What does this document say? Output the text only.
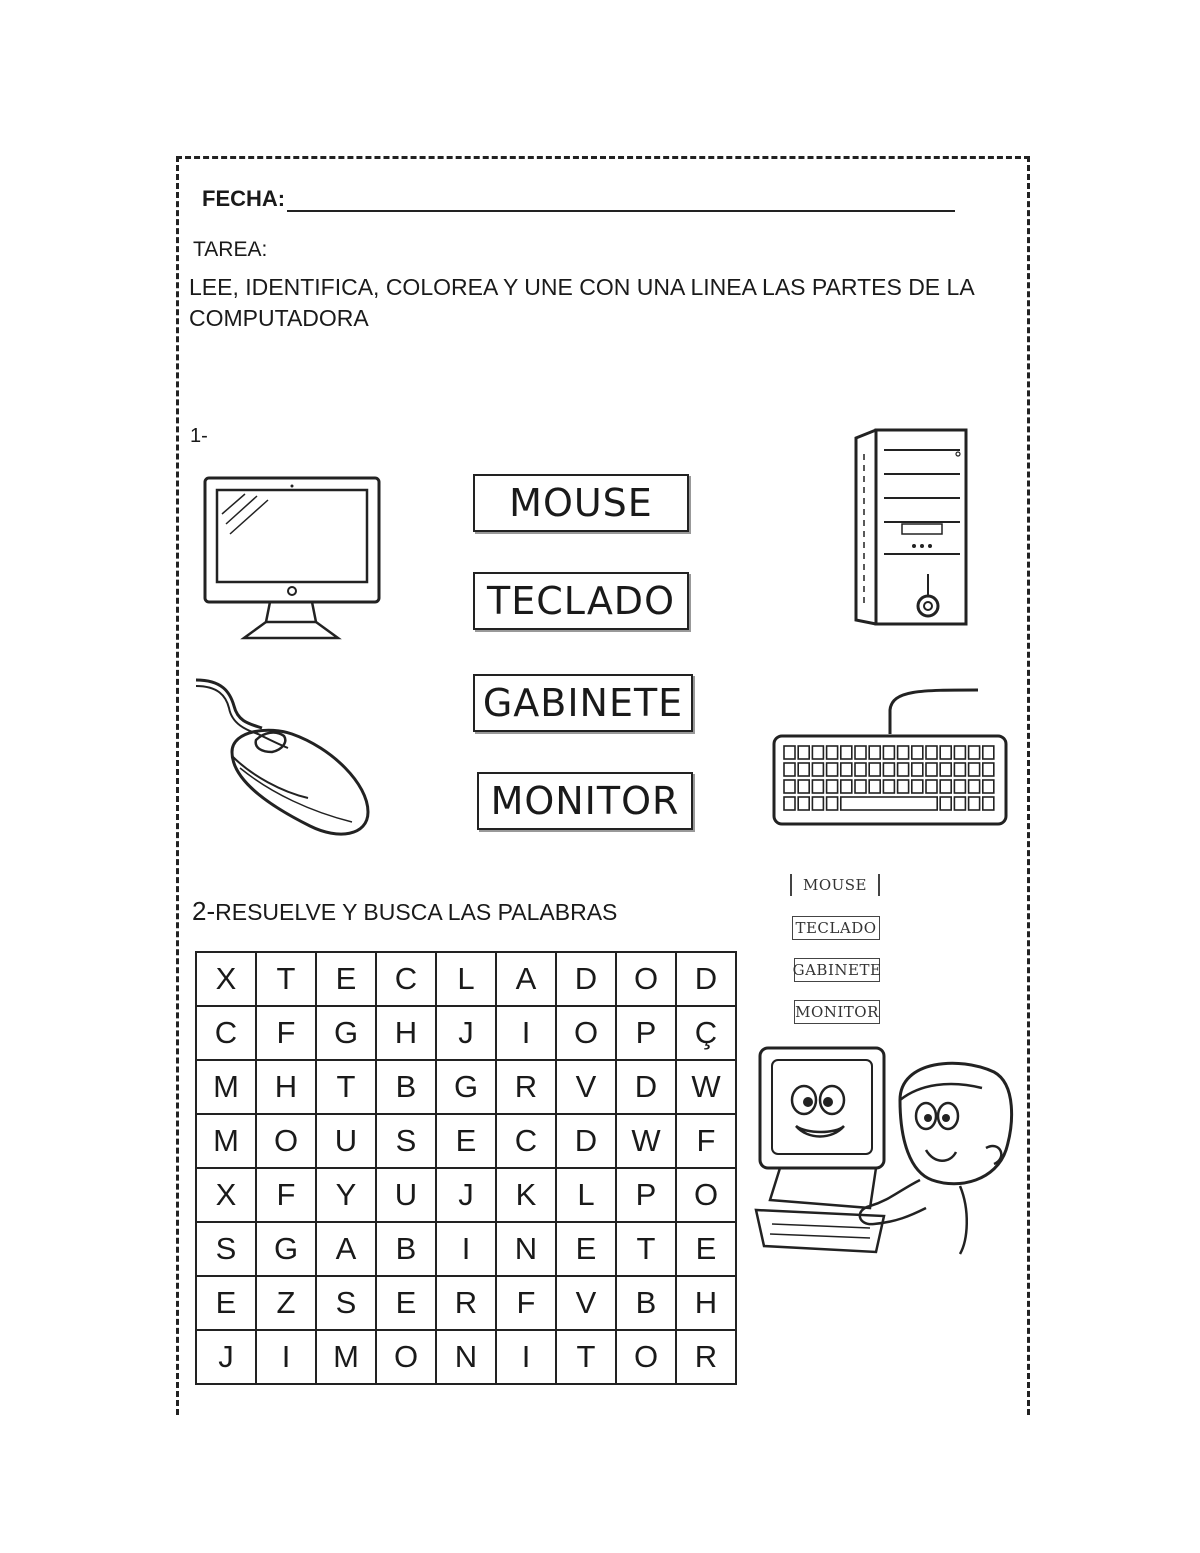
FECHA:
TAREA:
LEE, IDENTIFICA, COLOREA Y UNE CON UNA LINEA LAS PARTES DE LA COMPUTADORA
1-
MOUSE
TECLADO
GABINETE
MONITOR
2-RESUELVE Y BUSCA LAS PALABRAS
X	T	E	C	L	A	D	O	D
C	F	G	H	J	I	O	P	Ç
M	H	T	B	G	R	V	D	W
M	O	U	S	E	C	D	W	F
X	F	Y	U	J	K	L	P	O
S	G	A	B	I	N	E	T	E
E	Z	S	E	R	F	V	B	H
J	I	M	O	N	I	T	O	R
MOUSE
TECLADO
GABINETE
MONITOR
